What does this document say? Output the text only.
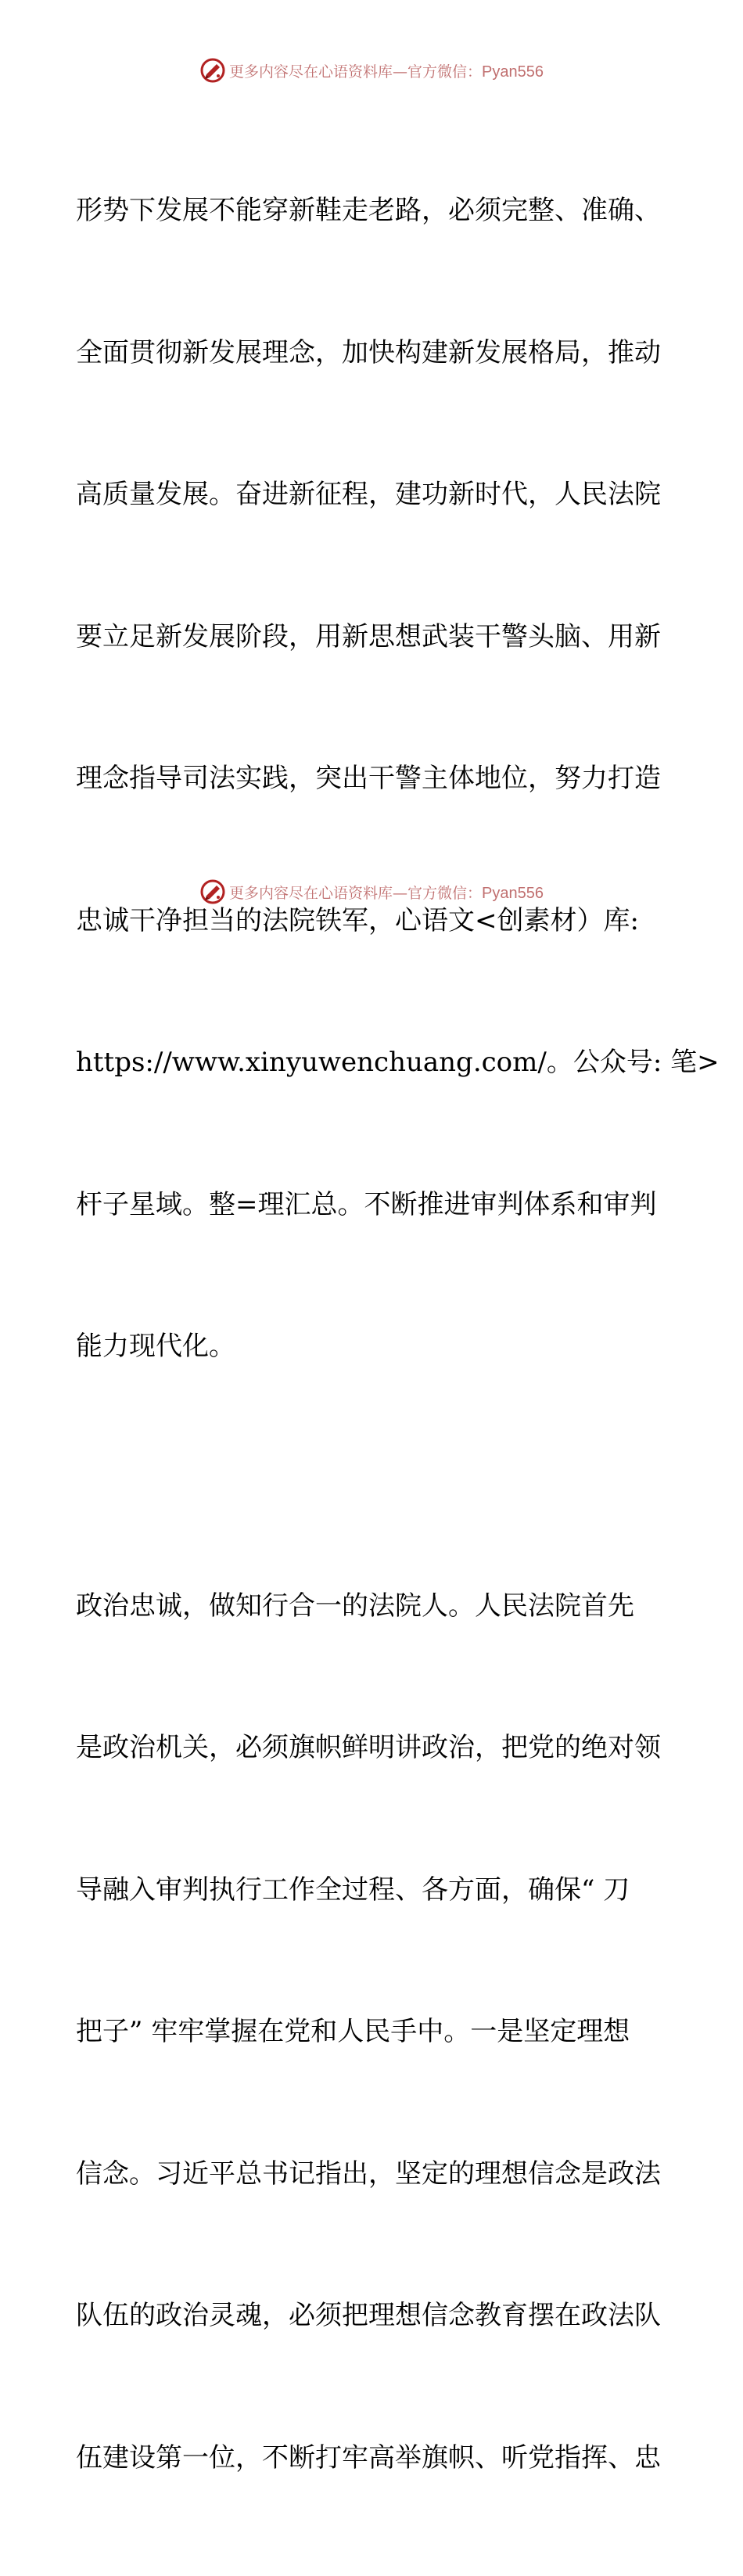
更多内容尽在心语资料库—官方微信：Pyan556

形势下发展不能穿新鞋走老路，必须完整、准确、

全面贯彻新发展理念，加快构建新发展格局，推动

高质量发展。奋进新征程，建功新时代，人民法院

要立足新发展阶段，用新思想武装干警头脑、用新

理念指导司法实践，突出干警主体地位，努力打造

忠诚干净担当的法院铁军，心语文<创素材）库:

https://www.xinyuwenchuang.com/。公众号: 笔>

杆子星域。整=理汇总。不断推进审判体系和审判

能力现代化。

政治忠诚，做知行合一的法院人。人民法院首先

是政治机关，必须旗帜鲜明讲政治，把党的绝对领

导融入审判执行工作全过程、各方面，确保“ 刀

把子” 牢牢掌握在党和人民手中。一是坚定理想

信念。习近平总书记指出，坚定的理想信念是政法

队伍的政治灵魂，必须把理想信念教育摆在政法队

伍建设第一位，不断打牢高举旗帜、听党指挥、忠

更多内容尽在心语资料库—官方微信：Pyan556
